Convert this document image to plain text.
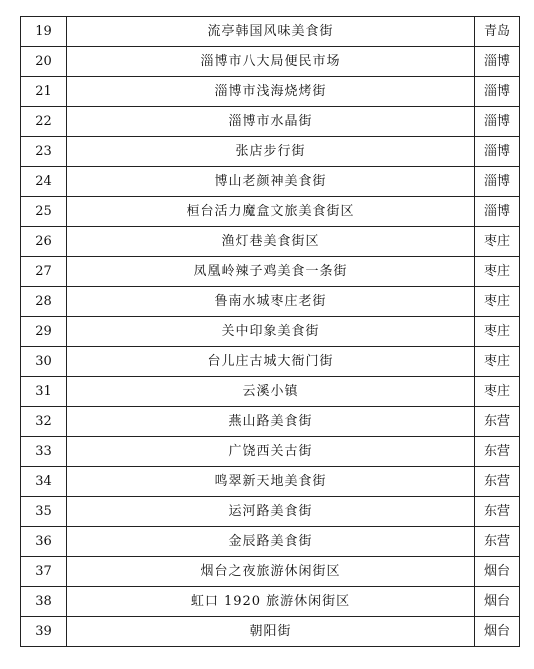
19	流亭韩国风味美食街	青岛
20	淄博市八大局便民市场	淄博
21	淄博市浅海烧烤街	淄博
22	淄博市水晶街	淄博
23	张店步行街	淄博
24	博山老颜神美食街	淄博
25	桓台活力魔盒文旅美食街区	淄博
26	渔灯巷美食街区	枣庄
27	凤凰岭辣子鸡美食一条街	枣庄
28	鲁南水城枣庄老街	枣庄
29	关中印象美食街	枣庄
30	台儿庄古城大衙门街	枣庄
31	云溪小镇	枣庄
32	燕山路美食街	东营
33	广饶西关古街	东营
34	鸣翠新天地美食街	东营
35	运河路美食街	东营
36	金辰路美食街	东营
37	烟台之夜旅游休闲街区	烟台
38	虹口 1920 旅游休闲街区	烟台
39	朝阳街	烟台
